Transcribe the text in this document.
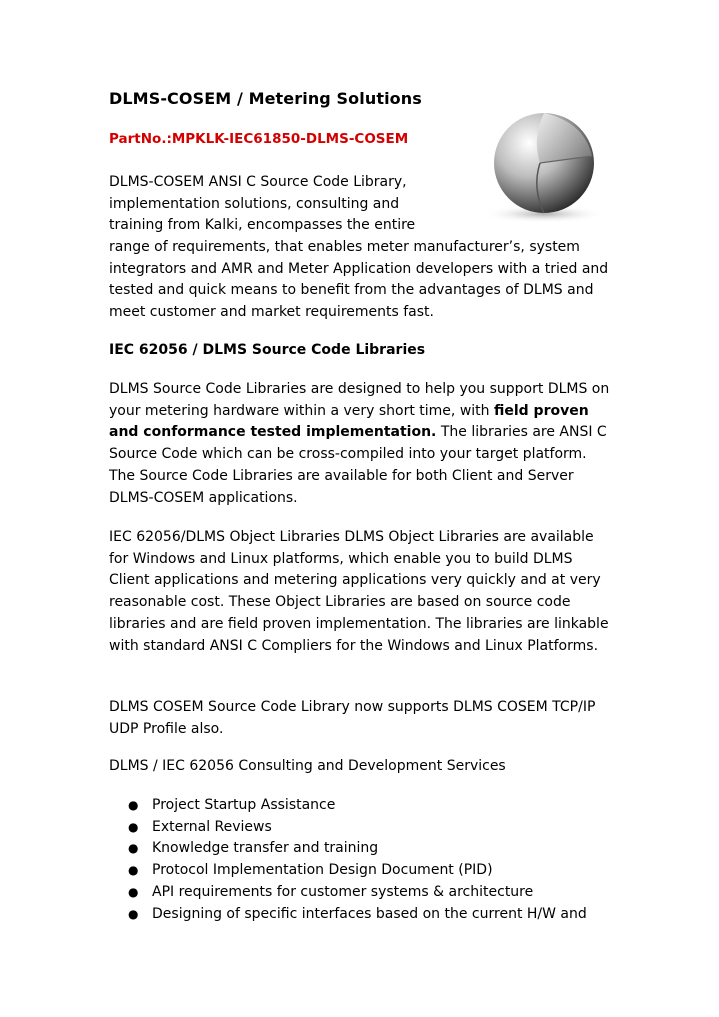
DLMS-COSEM / Metering Solutions
PartNo.:MPKLK-IEC61850-DLMS-COSEM
DLMS-COSEM ANSI C Source Code Library,
implementation solutions, consulting and
training from Kalki, encompasses the entire

range of requirements, that enables meter manufacturer’s, system integrators and AMR and Meter Application developers with a tried and tested and quick means to benefit from the advantages of DLMS and meet customer and market requirements fast.

IEC 62056 / DLMS Source Code Libraries

DLMS Source Code Libraries are designed to help you support DLMS on your metering hardware within a very short time, with field proven and conformance tested implementation. The libraries are ANSI C Source Code which can be cross-compiled into your target platform. The Source Code Libraries are available for both Client and Server DLMS-COSEM applications.

IEC 62056/DLMS Object Libraries DLMS Object Libraries are available for Windows and Linux platforms, which enable you to build DLMS Client applications and metering applications very quickly and at very reasonable cost. These Object Libraries are based on source code libraries and are field proven implementation. The libraries are linkable with standard ANSI C Compliers for the Windows and Linux Platforms.

DLMS COSEM Source Code Library now supports DLMS COSEM TCP/IP UDP Profile also.

DLMS / IEC 62056 Consulting and Development Services

● Project Startup Assistance
● External Reviews
● Knowledge transfer and training
● Protocol Implementation Design Document (PID)
● API requirements for customer systems & architecture
● Designing of specific interfaces based on the current H/W and
